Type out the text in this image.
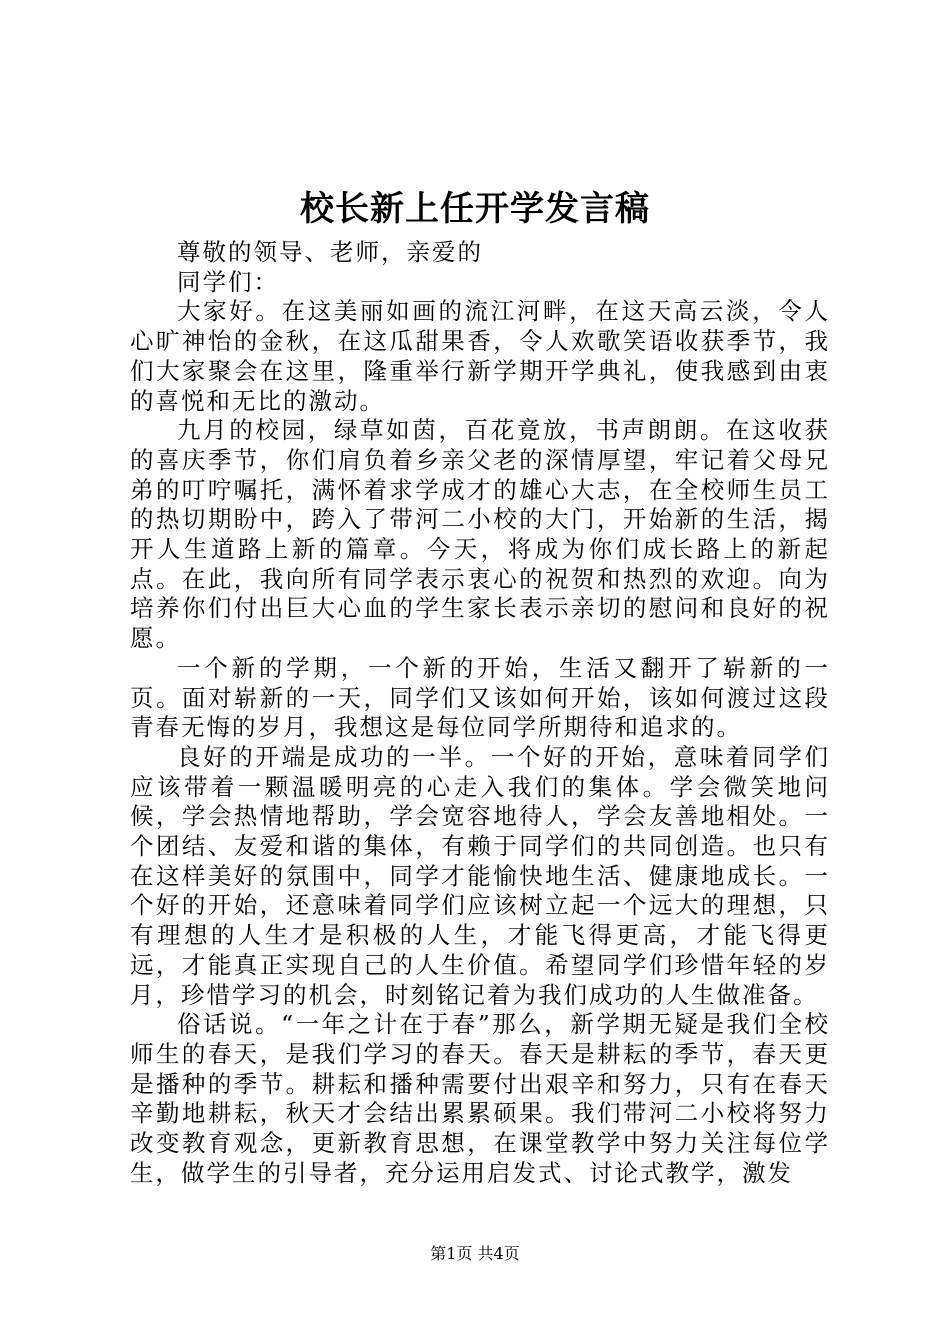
校长新上任开学发言稿

尊敬的领导、老师，亲爱的

同学们：

大家好。在这美丽如画的流江河畔，在这天高云淡，令人心旷神怡的金秋，在这瓜甜果香，令人欢歌笑语收获季节，我们大家聚会在这里，隆重举行新学期开学典礼，使我感到由衷的喜悦和无比的激动。

九月的校园，绿草如茵，百花竟放，书声朗朗。在这收获的喜庆季节，你们肩负着乡亲父老的深情厚望，牢记着父母兄弟的叮咛嘱托，满怀着求学成才的雄心大志，在全校师生员工的热切期盼中，跨入了带河二小校的大门，开始新的生活，揭开人生道路上新的篇章。今天，将成为你们成长路上的新起点。在此，我向所有同学表示衷心的祝贺和热烈的欢迎。向为培养你们付出巨大心血的学生家长表示亲切的慰问和良好的祝愿。

一个新的学期，一个新的开始，生活又翻开了崭新的一页。面对崭新的一天，同学们又该如何开始，该如何渡过这段青春无悔的岁月，我想这是每位同学所期待和追求的。

良好的开端是成功的一半。一个好的开始，意味着同学们应该带着一颗温暖明亮的心走入我们的集体。学会微笑地问候，学会热情地帮助，学会宽容地待人，学会友善地相处。一个团结、友爱和谐的集体，有赖于同学们的共同创造。也只有在这样美好的氛围中，同学才能愉快地生活、健康地成长。一个好的开始，还意味着同学们应该树立起一个远大的理想，只有理想的人生才是积极的人生，才能飞得更高，才能飞得更远，才能真正实现自己的人生价值。希望同学们珍惜年轻的岁月，珍惜学习的机会，时刻铭记着为我们成功的人生做准备。

俗话说。“一年之计在于春”那么，新学期无疑是我们全校师生的春天，是我们学习的春天。春天是耕耘的季节，春天更是播种的季节。耕耘和播种需要付出艰辛和努力，只有在春天辛勤地耕耘，秋天才会结出累累硕果。我们带河二小校将努力改变教育观念，更新教育思想，在课堂教学中努力关注每位学生，做学生的引导者，充分运用启发式、讨论式教学，激发

第1页 共4页
